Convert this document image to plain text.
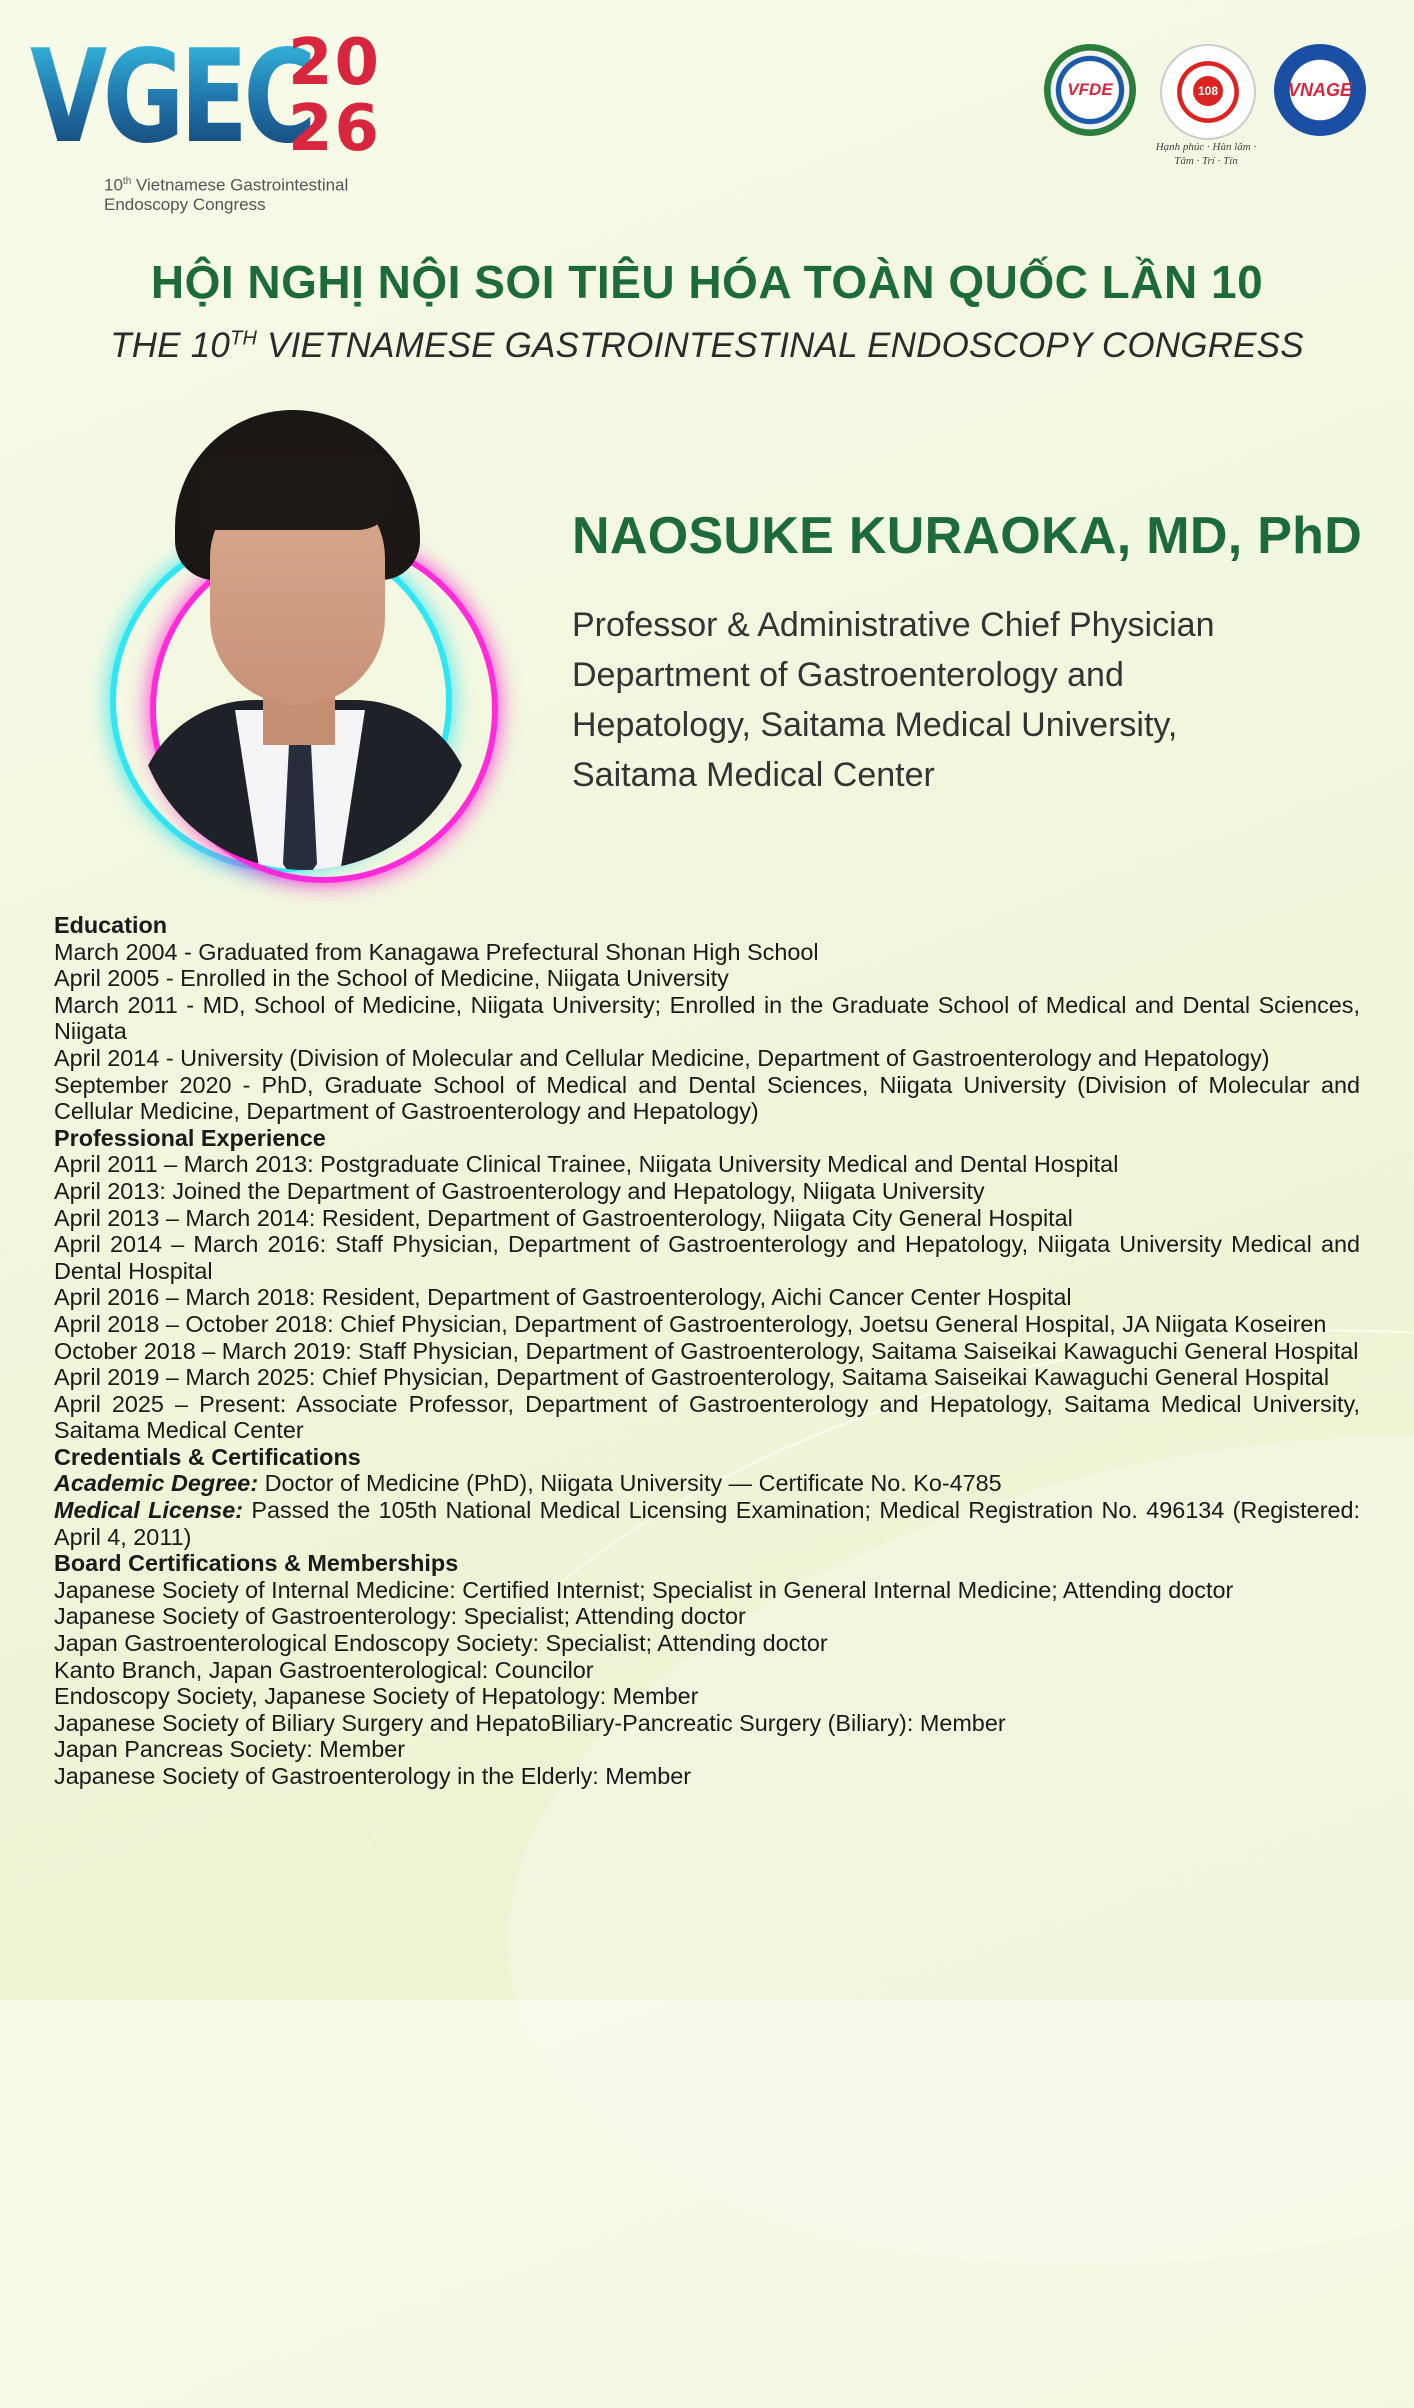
VGEC
20
26
10th Vietnamese Gastrointestinal
Endoscopy Congress
VFDE	108
Hạnh phúc · Hàn lâm · Tâm · Trí · Tín
VNAGE
HỘI NGHỊ NỘI SOI TIÊU HÓA TOÀN QUỐC LẦN 10
THE 10TH VIETNAMESE GASTROINTESTINAL ENDOSCOPY CONGRESS
NAOSUKE KURAOKA, MD, PhD
Professor & Administrative Chief Physician
Department of Gastroenterology and
Hepatology, Saitama Medical University,
Saitama Medical Center
Education
March 2004 - Graduated from Kanagawa Prefectural Shonan High School
April 2005 - Enrolled in the School of Medicine, Niigata University
March 2011 - MD, School of Medicine, Niigata University; Enrolled in the Graduate School of Medical and Dental Sciences, Niigata
April 2014 - University (Division of Molecular and Cellular Medicine, Department of Gastroenterology and Hepatology)
September 2020 - PhD, Graduate School of Medical and Dental Sciences, Niigata University (Division of Molecular and Cellular Medicine, Department of Gastroenterology and Hepatology)
Professional Experience
April 2011 – March 2013: Postgraduate Clinical Trainee, Niigata University Medical and Dental Hospital
April 2013: Joined the Department of Gastroenterology and Hepatology, Niigata University
April 2013 – March 2014: Resident, Department of Gastroenterology, Niigata City General Hospital
April 2014 – March 2016: Staff Physician, Department of Gastroenterology and Hepatology, Niigata University Medical and Dental Hospital
April 2016 – March 2018: Resident, Department of Gastroenterology, Aichi Cancer Center Hospital
April 2018 – October 2018: Chief Physician, Department of Gastroenterology, Joetsu General Hospital, JA Niigata Koseiren
October 2018 – March 2019: Staff Physician, Department of Gastroenterology, Saitama Saiseikai Kawaguchi General Hospital
April 2019 – March 2025: Chief Physician, Department of Gastroenterology, Saitama Saiseikai Kawaguchi General Hospital
April 2025 – Present: Associate Professor, Department of Gastroenterology and Hepatology, Saitama Medical University, Saitama Medical Center
Credentials & Certifications
Academic Degree: Doctor of Medicine (PhD), Niigata University — Certificate No. Ko-4785
Medical License: Passed the 105th National Medical Licensing Examination; Medical Registration No. 496134 (Registered: April 4, 2011)
Board Certifications & Memberships
Japanese Society of Internal Medicine: Certified Internist; Specialist in General Internal Medicine; Attending doctor
Japanese Society of Gastroenterology: Specialist; Attending doctor
Japan Gastroenterological Endoscopy Society: Specialist; Attending doctor
Kanto Branch, Japan Gastroenterological: Councilor
Endoscopy Society, Japanese Society of Hepatology: Member
Japanese Society of Biliary Surgery and HepatoBiliary-Pancreatic Surgery (Biliary): Member
Japan Pancreas Society: Member
Japanese Society of Gastroenterology in the Elderly: Member
